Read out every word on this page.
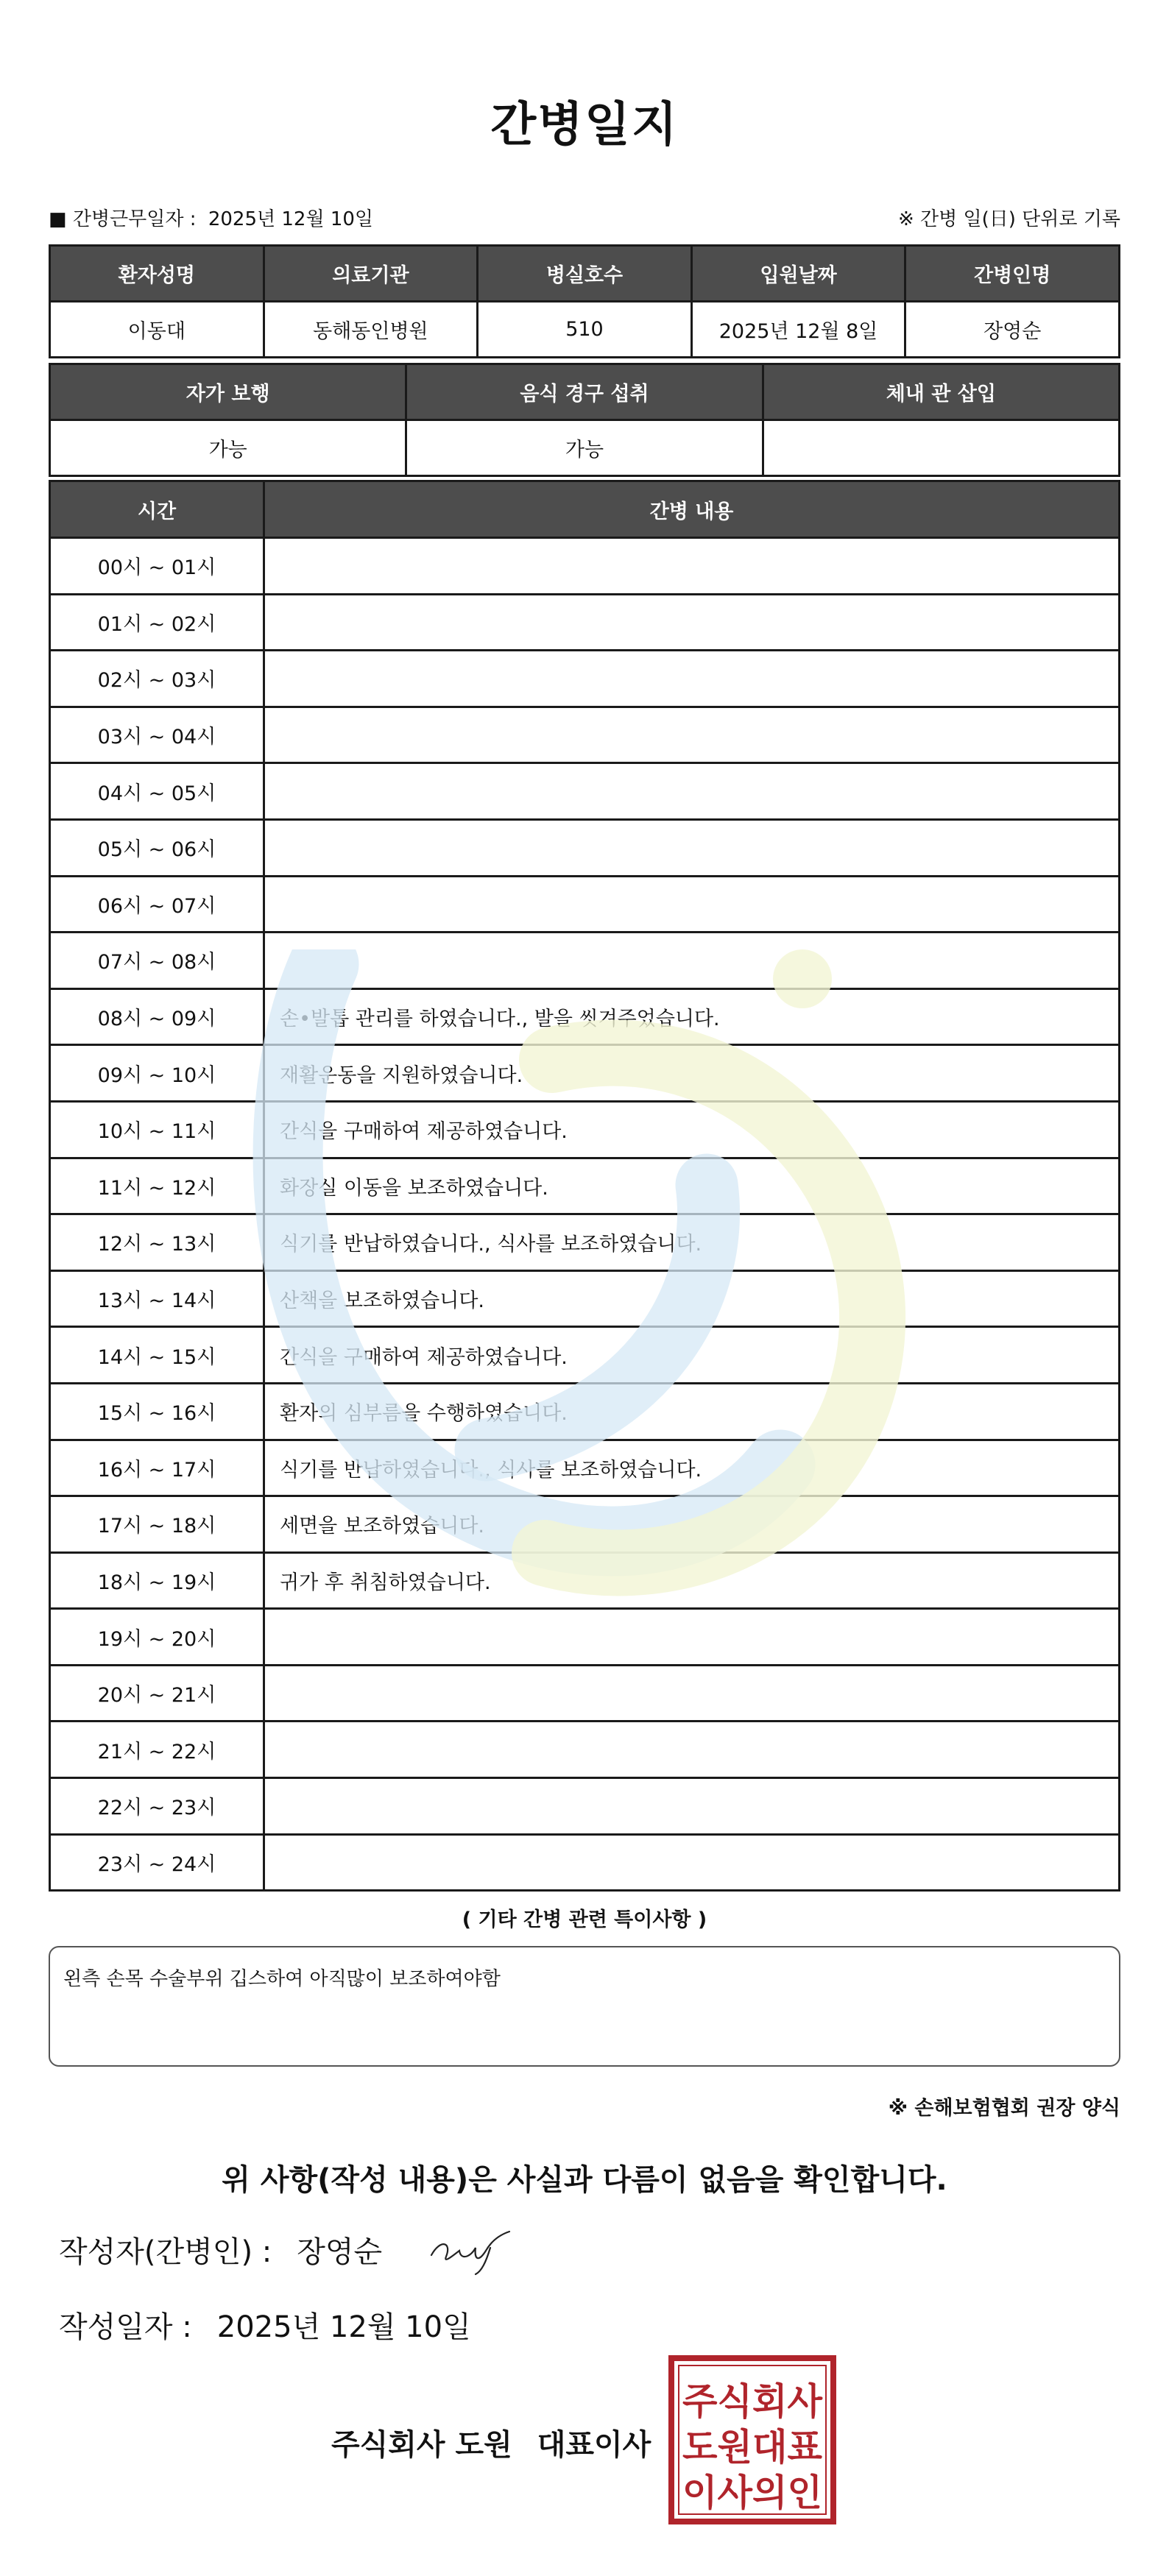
간병일지
■ 간병근무일자 : 2025년 12월 10일	※ 간병 일(日) 단위로 기록
환자성명	의료기관	병실호수	입원날짜	간병인명
이동대	동해동인병원	510	2025년 12월 8일	장영순
자가 보행	음식 경구 섭취	체내 관 삽입
가능	가능	
시간	간병 내용
00시 ~ 01시	
01시 ~ 02시	
02시 ~ 03시	
03시 ~ 04시	
04시 ~ 05시	
05시 ~ 06시	
06시 ~ 07시	
07시 ~ 08시	
08시 ~ 09시	손•발톱 관리를 하였습니다., 발을 씻겨주었습니다.
09시 ~ 10시	재활운동을 지원하였습니다.
10시 ~ 11시	간식을 구매하여 제공하였습니다.
11시 ~ 12시	화장실 이동을 보조하였습니다.
12시 ~ 13시	식기를 반납하였습니다., 식사를 보조하였습니다.
13시 ~ 14시	산책을 보조하였습니다.
14시 ~ 15시	간식을 구매하여 제공하였습니다.
15시 ~ 16시	환자의 심부름을 수행하였습니다.
16시 ~ 17시	식기를 반납하였습니다., 식사를 보조하였습니다.
17시 ~ 18시	세면을 보조하였습니다.
18시 ~ 19시	귀가 후 취침하였습니다.
19시 ~ 20시	
20시 ~ 21시	
21시 ~ 22시	
22시 ~ 23시	
23시 ~ 24시	
( 기타 간병 관련 특이사항 )
왼측 손목 수술부위 깁스하여 아직많이 보조하여야함
※ 손해보험협회 권장 양식
위 사항(작성 내용)은 사실과 다름이 없음을 확인합니다.
작성자(간병인) : 장영순
작성일자 : 2025년 12월 10일
주식회사 도원 대표이사
주식회사
도원대표
이사의인
